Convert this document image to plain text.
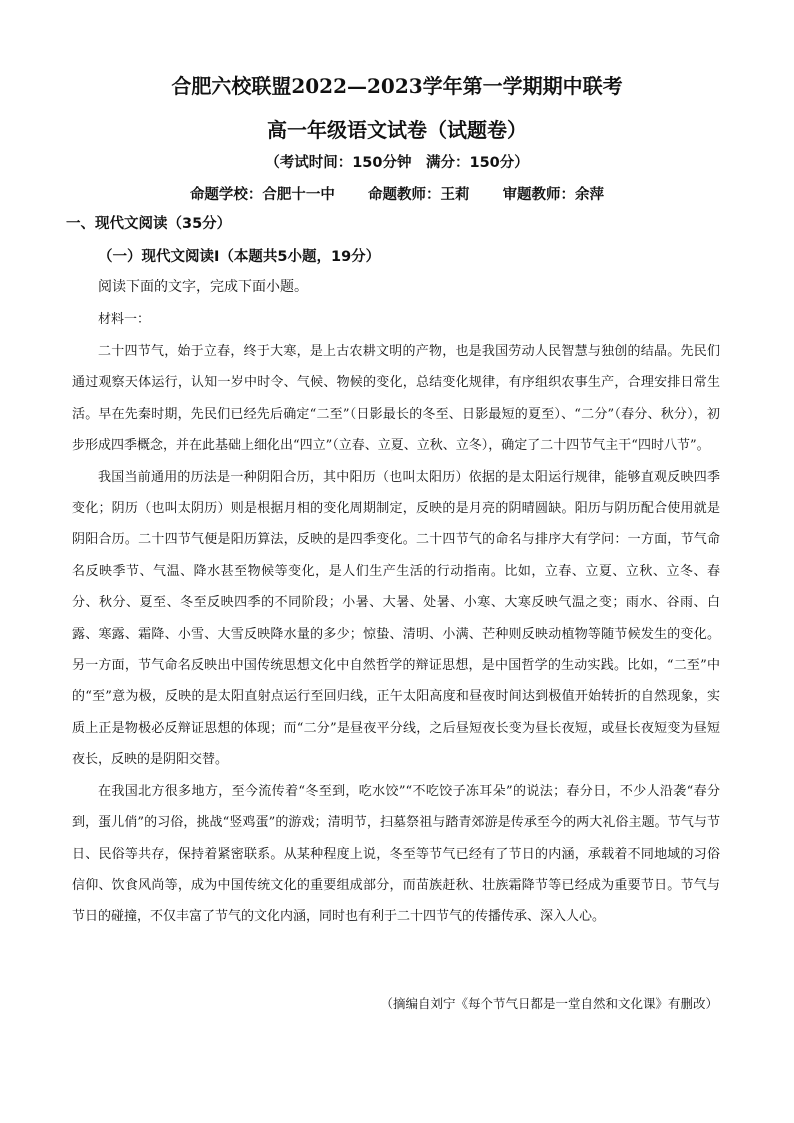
合肥六校联盟2022—2023学年第一学期期中联考
高一年级语文试卷（试题卷）
（考试时间：150分钟　满分：150分）
命题学校：合肥十一中 命题教师：王莉 审题教师：余萍
一、现代文阅读（35分）
（一）现代文阅读Ⅰ（本题共5小题，19分）
阅读下面的文字，完成下面小题。
材料一：

二十四节气，始于立春，终于大寒，是上古农耕文明的产物，也是我国劳动人民智慧与独创的结晶。先民们通过观察天体运行，认知一岁中时令、气候、物候的变化，总结变化规律，有序组织农事生产，合理安排日常生活。早在先秦时期，先民们已经先后确定“二至”（日影最长的冬至、日影最短的夏至）、“二分”（春分、秋分），初步形成四季概念，并在此基础上细化出“四立”（立春、立夏、立秋、立冬），确定了二十四节气主干“四时八节”。

我国当前通用的历法是一种阴阳合历，其中阳历（也叫太阳历）依据的是太阳运行规律，能够直观反映四季变化；阴历（也叫太阴历）则是根据月相的变化周期制定，反映的是月亮的阴晴圆缺。阳历与阴历配合使用就是阴阳合历。二十四节气便是阳历算法，反映的是四季变化。二十四节气的命名与排序大有学问：一方面，节气命名反映季节、气温、降水甚至物候等变化，是人们生产生活的行动指南。比如，立春、立夏、立秋、立冬、春分、秋分、夏至、冬至反映四季的不同阶段；小暑、大暑、处暑、小寒、大寒反映气温之变；雨水、谷雨、白露、寒露、霜降、小雪、大雪反映降水量的多少；惊蛰、清明、小满、芒种则反映动植物等随节候发生的变化。另一方面，节气命名反映出中国传统思想文化中自然哲学的辩证思想，是中国哲学的生动实践。比如，“二至”中的“至”意为极，反映的是太阳直射点运行至回归线，正午太阳高度和昼夜时间达到极值开始转折的自然现象，实质上正是物极必反辩证思想的体现；而“二分”是昼夜平分线，之后昼短夜长变为昼长夜短，或昼长夜短变为昼短夜长，反映的是阴阳交替。

在我国北方很多地方，至今流传着“冬至到，吃水饺”“不吃饺子冻耳朵”的说法；春分日，不少人沿袭“春分到，蛋儿俏”的习俗，挑战“竖鸡蛋”的游戏；清明节，扫墓祭祖与踏青郊游是传承至今的两大礼俗主题。节气与节日、民俗等共存，保持着紧密联系。从某种程度上说，冬至等节气已经有了节日的内涵，承载着不同地域的习俗信仰、饮食风尚等，成为中国传统文化的重要组成部分，而苗族赶秋、壮族霜降节等已经成为重要节日。节气与节日的碰撞，不仅丰富了节气的文化内涵，同时也有利于二十四节气的传播传承、深入人心。

（摘编自刘宁《每个节气日都是一堂自然和文化课》有删改）
